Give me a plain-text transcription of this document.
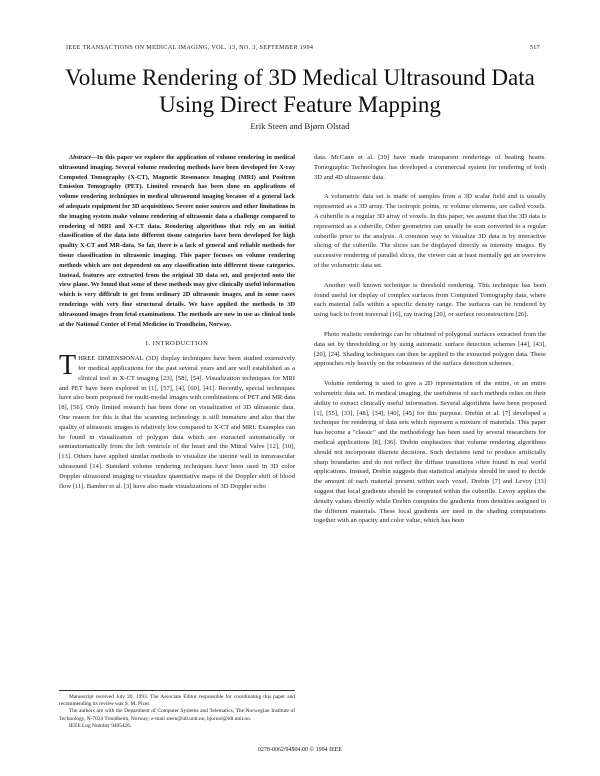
IEEE TRANSACTIONS ON MEDICAL IMAGING, VOL. 13, NO. 3, SEPTEMBER 1994	517
Volume Rendering of 3D Medical Ultrasound Data Using Direct Feature Mapping
Erik Steen and Bjørn Olstad

Abstract—In this paper we explore the application of volume rendering in medical ultrasound imaging. Several volume rendering methods have been developed for X-ray Computed Tomography (X-CT), Magnetic Resonance Imaging (MRI) and Positron Emission Tomography (PET). Limited research has been done on applications of volume rendering techniques in medical ultrasound imaging because of a general lack of adequate equipment for 3D acquisitions. Severe noise sources and other limitations in the imaging system make volume rendering of ultrasonic data a challenge compared to rendering of MRI and X-CT data. Rendering algorithms that rely on an initial classification of the data into different tissue categories have been developed for high quality X-CT and MR-data. So far, there is a lack of general and reliable methods for tissue classification in ultrasonic imaging. This paper focuses on volume rendering methods which are not dependent on any classification into different tissue categories. Instead, features are extracted from the original 3D data set, and projected onto the view plane. We found that some of these methods may give clinically useful information which is very difficult to get from ordinary 2D ultrasonic images, and in some cases renderings with very fine structural details. We have applied the methods to 3D ultrasound images from fetal examinations. The methods are now in use as clinical tools at the National Center of Fetal Medicine in Trondheim, Norway.

I. INTRODUCTION

THREE DIMENSIONAL (3D) display techniques have been studied extensively for medical applications for the past several years and are well established as a clinical tool in X-CT imaging [23], [58], [54]. Visualization techniques for MRI and PET have been explored in [1], [57], [4], [60], [41]. Recently, special techniques have also been proposed for multi-modal images with combinations of PET and MR data [8], [56]. Only limited research has been done on visualization of 3D ultrasonic data. One reason for this is that the scanning technology is still immature and also that the quality of ultrasonic images is relatively low compared to X-CT and MRI. Examples can be found in visualization of polygon data which are extracted automatically or semiautomatically from the left ventricle of the heart and the Mitral Valve [12], [10], [13]. Others have applied similar methods to visualize the uterine wall in intravascular ultrasound [14]. Standard volume rendering techniques have been used in 3D color Doppler ultrasound imaging to visualize quantitative maps of the Doppler shift of blood flow [11]. Bamber et al. [3] have also made visualizations of 3D Doppler echo

Manuscript received July 20, 1993. The Associate Editor responsible for coordinating this paper and recommending its review was S. M. Pizer.

The authors are with the Department of Computer Systems and Telematics, The Norwegian Institute of Technology, N-7034 Trondheim, Norway; e-mail steen@idt.unit.no, bjornol@idt.unit.no.

IEEE Log Number 9405426.

data. McCann et al. [39] have made transparent renderings of beating hearts. Tomographic Technologies has developed a commercial system for rendering of both 3D and 4D ultrasonic data.

A volumetric data set is made of samples from a 3D scalar field and is usually represented as a 3D array. The isotropic points, or volume elements, are called voxels. A cuberille is a regular 3D array of voxels. In this paper, we assume that the 3D data is represented as a cuberille. Other geometries can usually be scan converted to a regular cuberille prior to the analysis. A common way to visualize 3D data is by interactive slicing of the cuberille. The slices can be displayed directly as intensity images. By successive rendering of parallel slices, the viewer can at least mentally get an overview of the volumetric data set.

Another well known technique is threshold rendering. This technique has been found useful for display of complex surfaces from Computed Tomography data, where each material falls within a specific density range. The surfaces can be rendered by using back to front traversal [16], ray tracing [20], or surface reconstruction [26].

Photo realistic renderings can be obtained of polygonal surfaces extracted from the data set by thresholding or by using automatic surface detection schemes [44], [43], [20], [24]. Shading techniques can then be applied to the extracted polygon data. These approaches rely heavily on the robustness of the surface detection schemes.

Volume rendering is used to give a 2D representation of the entire, or an entire volumetric data set. In medical imaging, the usefulness of such methods relies on their ability to extract clinically useful information. Several algorithms have been proposed [1], [55], [33], [48], [34], [40], [45] for this purpose. Drebin et al. [7] developed a technique for rendering of data sets which represent a mixture of materials. This paper has become a "classic" and the methodology has been used by several researchers for medical applications [8], [36]. Drebin emphasizes that volume rendering algorithms should not incorporate discrete decisions. Such decisions tend to produce artificially sharp boundaries and do not reflect the diffuse transitions often found in real world applications. Instead, Drebin suggests that statistical analysis should be used to decide the amount of each material present within each voxel. Drebin [7] and Levoy [33] suggest that local gradients should be computed within the cuberille. Levoy applies the density values directly while Drebin computes the gradients from densities assigned to the different materials. These local gradients are used in the shading computations together with an opacity and color value, which has been

0278-0062/94$04.00 © 1994 IEEE
